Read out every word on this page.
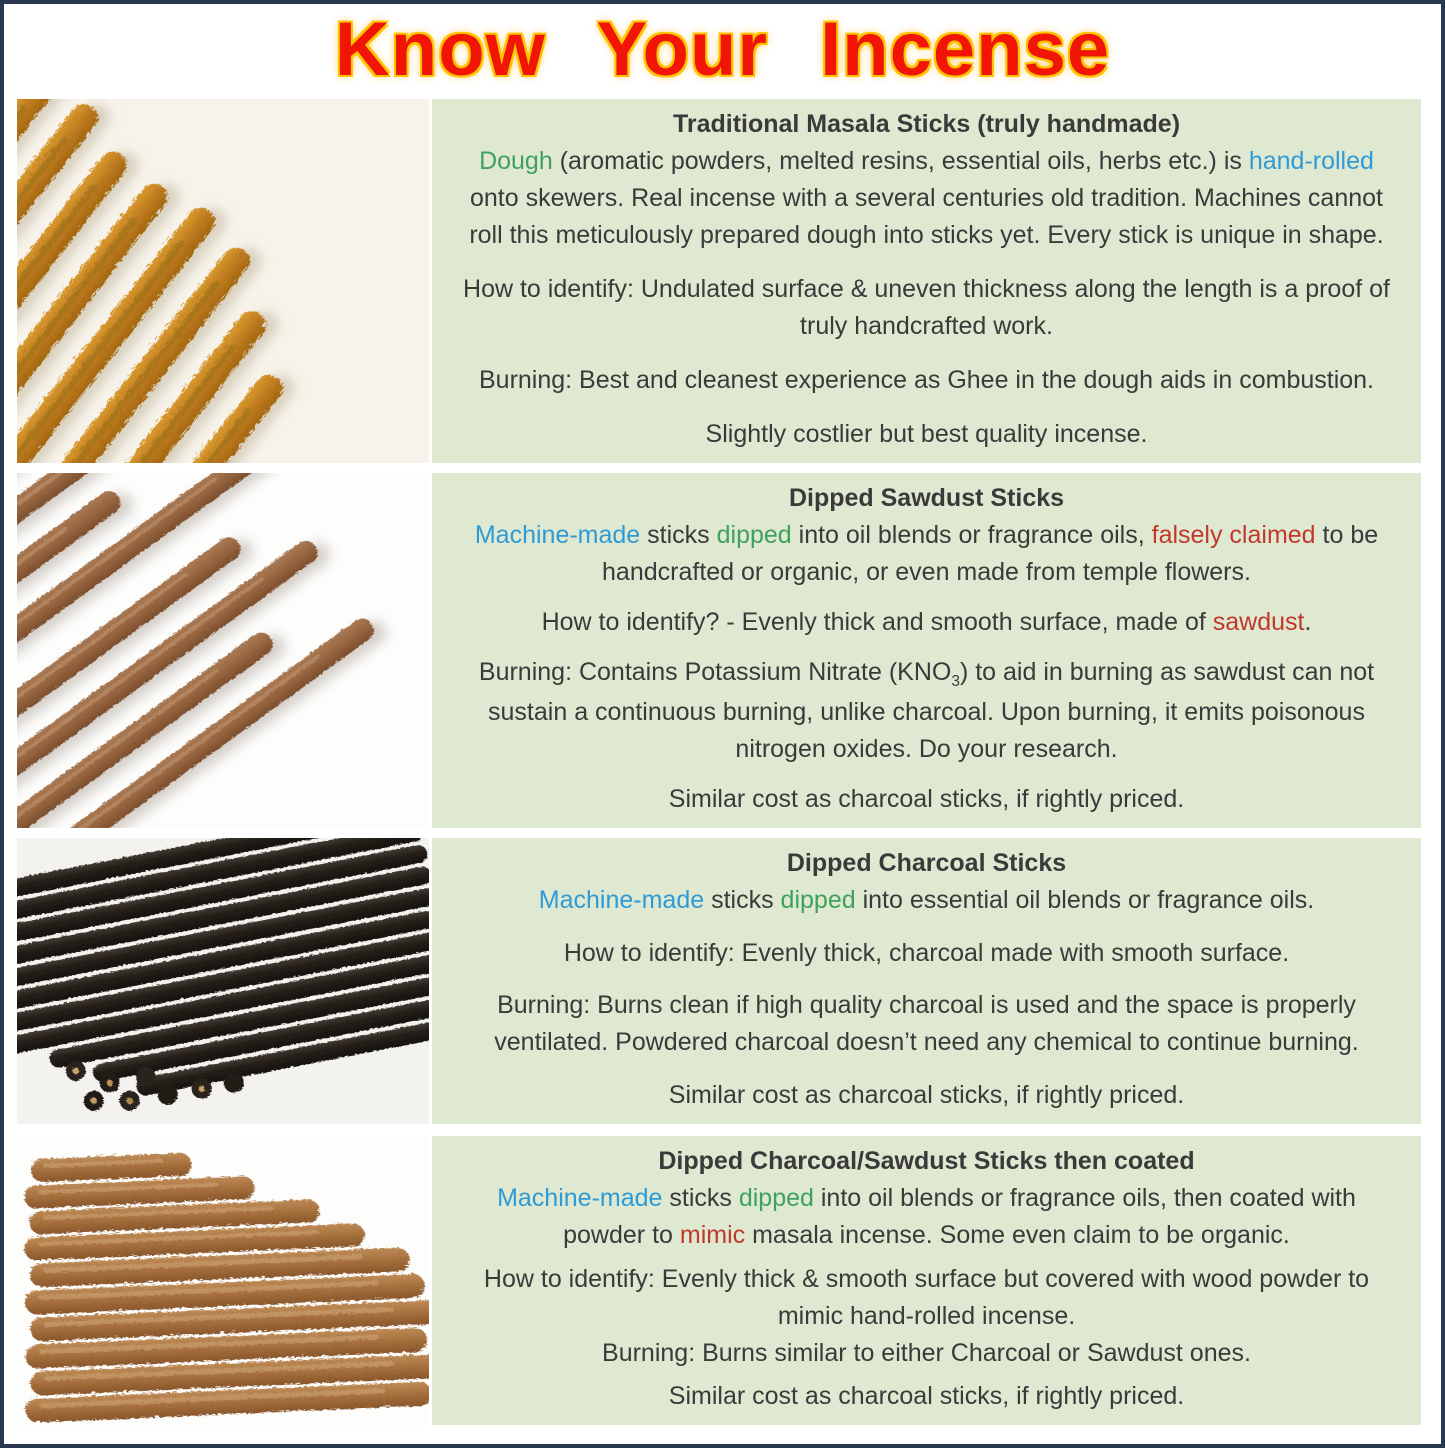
Know Your Incense

Traditional Masala Sticks (truly handmade)

Dough (aromatic powders, melted resins, essential oils, herbs etc.) is hand-rolled onto skewers. Real incense with a several centuries old tradition. Machines cannot roll this meticulously prepared dough into sticks yet. Every stick is unique in shape.

How to identify: Undulated surface & uneven thickness along the length is a proof of truly handcrafted work.

Burning: Best and cleanest experience as Ghee in the dough aids in combustion.

Slightly costlier but best quality incense.

Dipped Sawdust Sticks

Machine-made sticks dipped into oil blends or fragrance oils, falsely claimed to be handcrafted or organic, or even made from temple flowers.

How to identify? - Evenly thick and smooth surface, made of sawdust.

Burning: Contains Potassium Nitrate $(KNO_3)$ to aid in burning as sawdust can not sustain a continuous burning, unlike charcoal. Upon burning, it emits poisonous nitrogen oxides. Do your research.

Similar cost as charcoal sticks, if rightly priced.

Dipped Charcoal Sticks

Machine-made sticks dipped into essential oil blends or fragrance oils.

How to identify: Evenly thick, charcoal made with smooth surface.

Burning: Burns clean if high quality charcoal is used and the space is properly ventilated. Powdered charcoal doesn’t need any chemical to continue burning.

Similar cost as charcoal sticks, if rightly priced.

Dipped Charcoal/Sawdust Sticks then coated

Machine-made sticks dipped into oil blends or fragrance oils, then coated with powder to mimic masala incense. Some even claim to be organic.

How to identify: Evenly thick & smooth surface but covered with wood powder to mimic hand-rolled incense.

Burning: Burns similar to either Charcoal or Sawdust ones.

Similar cost as charcoal sticks, if rightly priced.
